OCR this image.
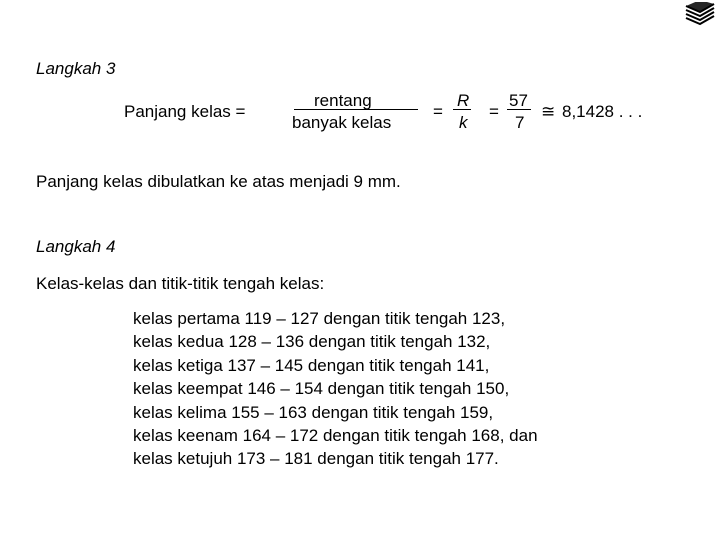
Langkah 3
Panjang kelas =
rentang
banyak kelas
=
R
k
=
57
7
≅ 8,1428 . . .
Panjang kelas dibulatkan ke atas menjadi 9 mm.
Langkah 4
Kelas-kelas dan titik-titik tengah kelas:
kelas pertama 119 – 127 dengan titik tengah 123,
kelas kedua 128 – 136 dengan titik tengah 132,
kelas ketiga 137 – 145 dengan titik tengah 141,
kelas keempat 146 – 154 dengan titik tengah 150,
kelas kelima 155 – 163 dengan titik tengah 159,
kelas keenam 164 – 172 dengan titik tengah 168, dan
kelas ketujuh 173 – 181 dengan titik tengah 177.
